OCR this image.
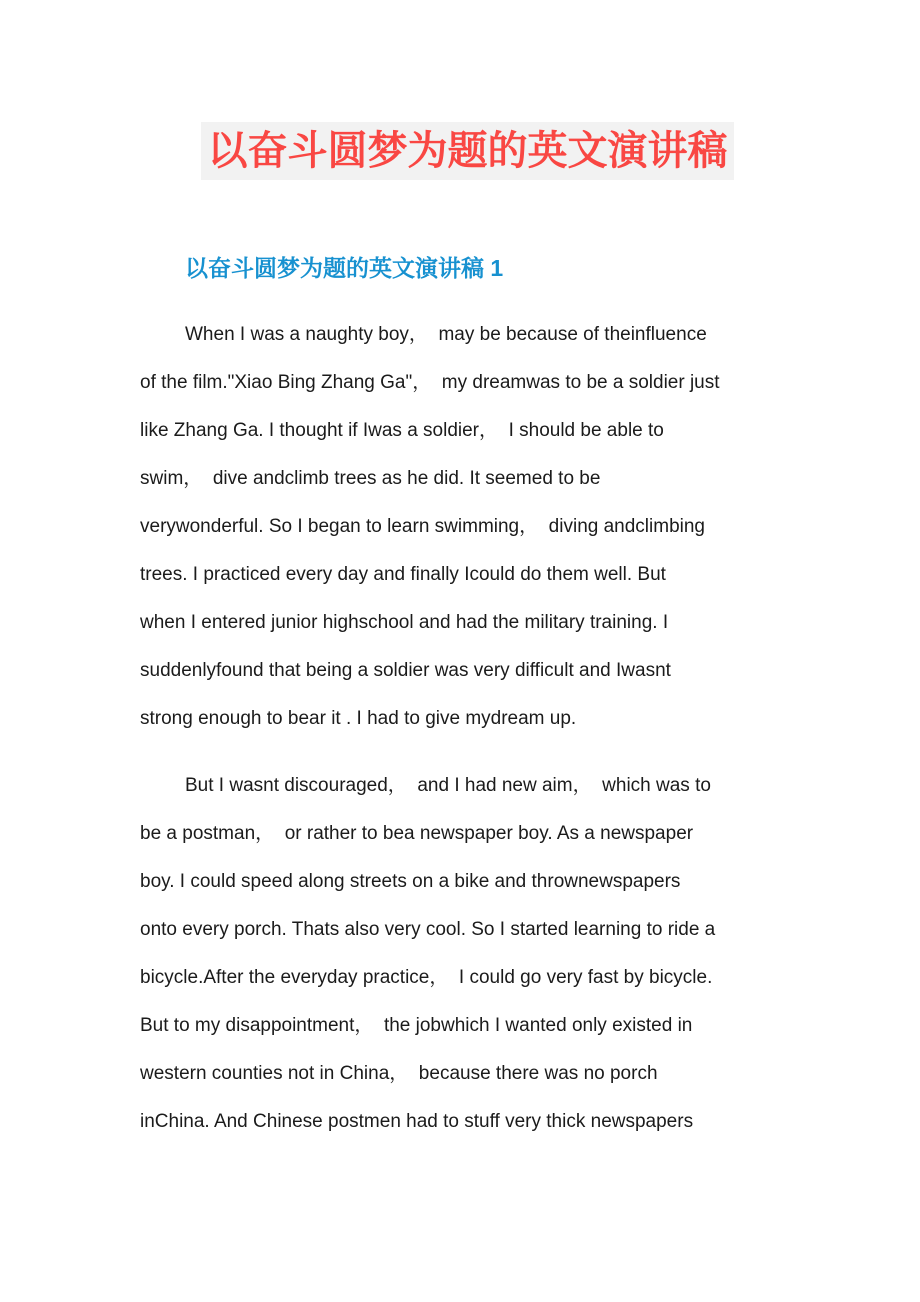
以奋斗圆梦为题的英文演讲稿
以奋斗圆梦为题的英文演讲稿 1
When I was a naughty boy，  may be because of theinfluence
of the film."Xiao Bing Zhang Ga"，  my dreamwas to be a soldier just
like Zhang Ga. I thought if Iwas a soldier，  I should be able to
swim，  dive andclimb trees as he did. It seemed to be
verywonderful. So I began to learn swimming，  diving andclimbing
trees. I practiced every day and finally Icould do them well. But
when I entered junior highschool and had the military training. I
suddenlyfound that being a soldier was very difficult and Iwasnt
strong enough to bear it . I had to give mydream up.
But I wasnt discouraged，  and I had new aim，  which was to
be a postman，  or rather to bea newspaper boy. As a newspaper
boy. I could speed along streets on a bike and thrownewspapers
onto every porch. Thats also very cool. So I started learning to ride a
bicycle.After the everyday practice，  I could go very fast by bicycle.
But to my disappointment，  the jobwhich I wanted only existed in
western counties not in China，  because there was no porch
inChina. And Chinese postmen had to stuff very thick newspapers
